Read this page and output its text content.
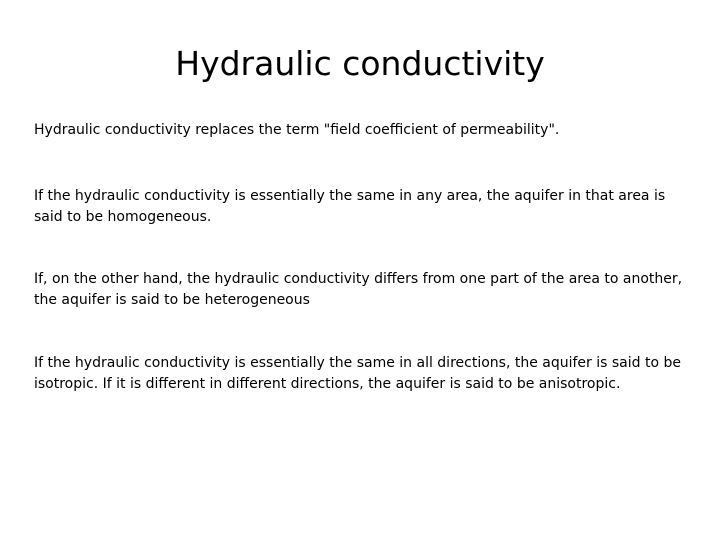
Hydraulic conductivity

Hydraulic conductivity replaces the term "field coefficient of permeability".

If the hydraulic conductivity is essentially the same in any area, the aquifer in that area is said to be homogeneous.

If, on the other hand, the hydraulic conductivity differs from one part of the area to another, the aquifer is said to be heterogeneous

If the hydraulic conductivity is essentially the same in all directions, the aquifer is said to be isotropic. If it is different in different directions, the aquifer is said to be anisotropic.
